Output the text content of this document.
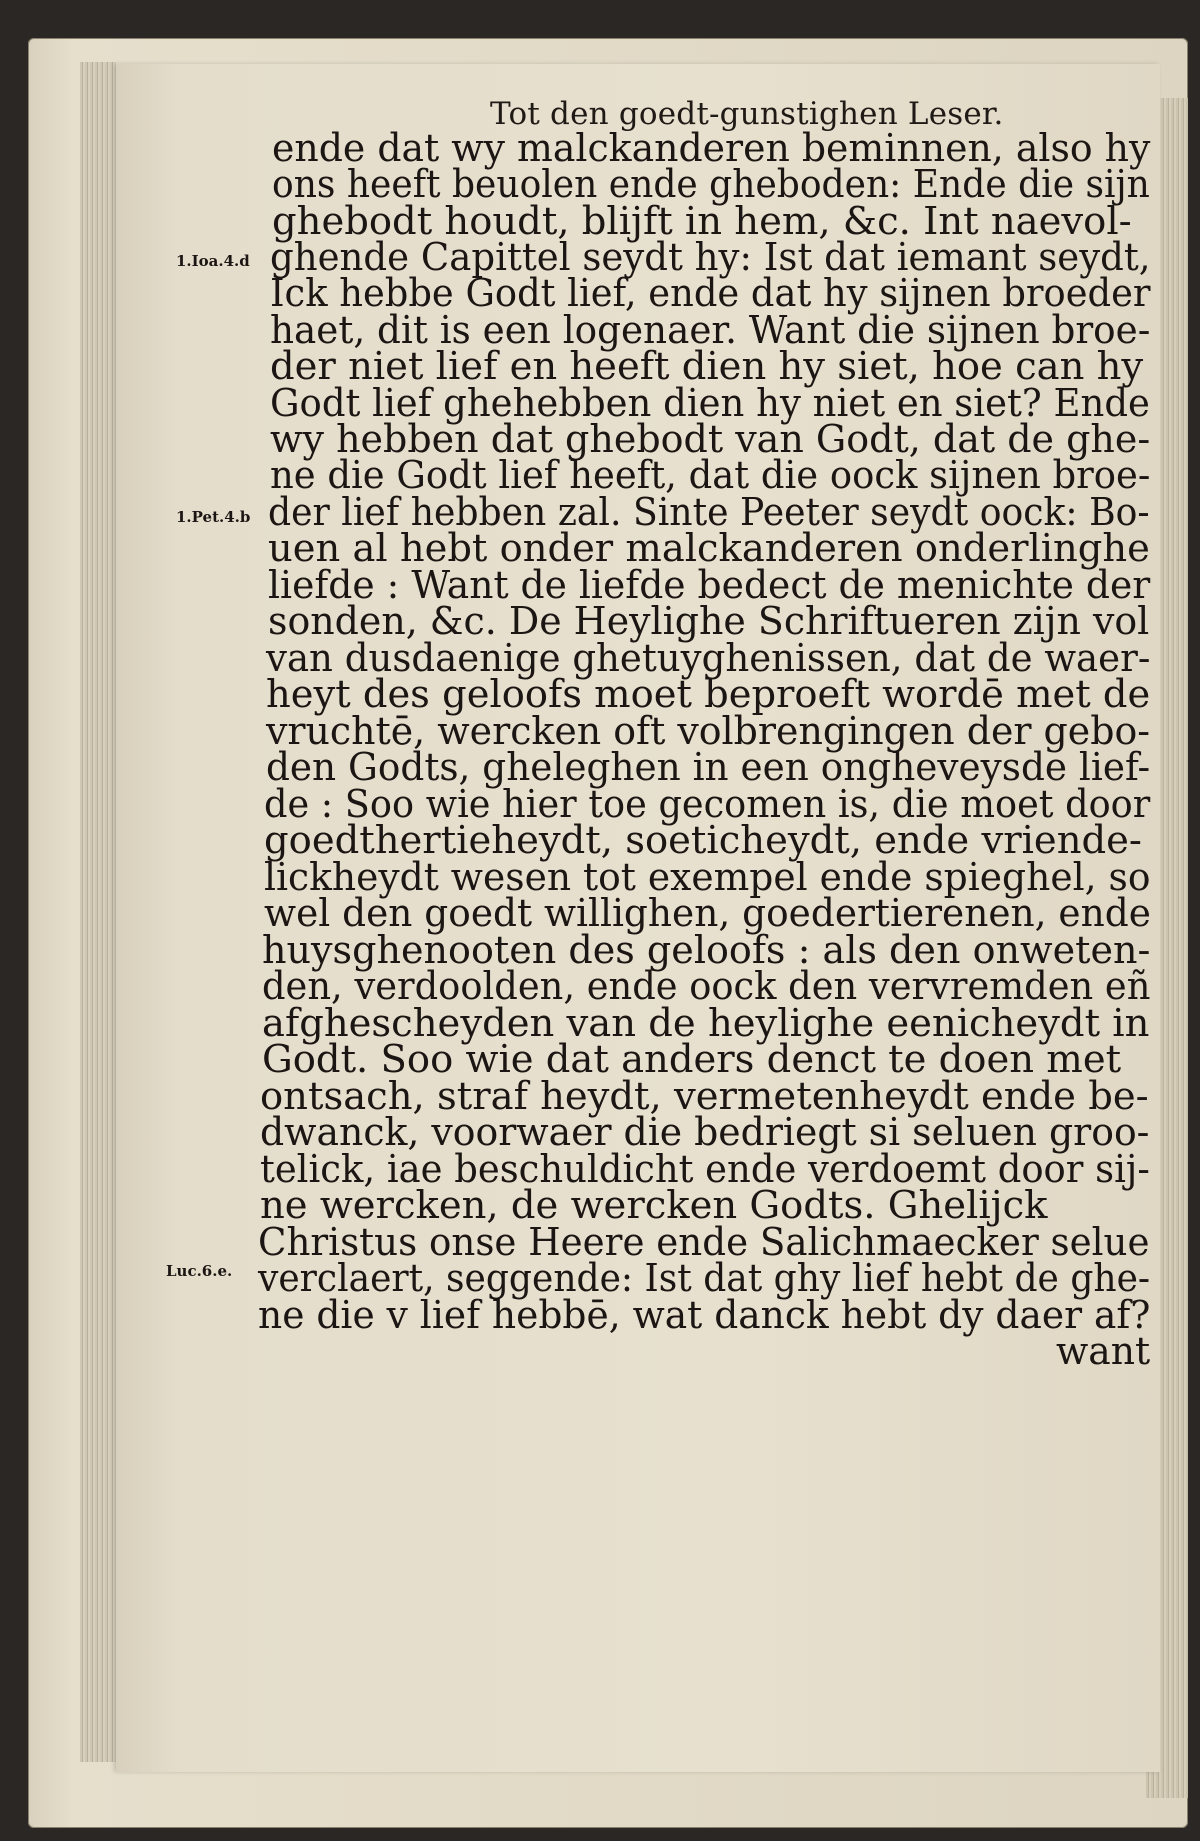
Tot den goedt-gunstighen Leser.
ende dat wy malckanderen beminnen, also hy
ons heeft beuolen ende gheboden: Ende die sijn
ghebodt houdt, blijft in hem, &c. Int naevol-
ghende Capittel seydt hy: Ist dat iemant seydt,
Ick hebbe Godt lief, ende dat hy sijnen broeder
haet, dit is een logenaer. Want die sijnen broe-
der niet lief en heeft dien hy siet, hoe can hy
Godt lief ghehebben dien hy niet en siet? Ende
wy hebben dat ghebodt van Godt, dat de ghe-
ne die Godt lief heeft, dat die oock sijnen broe-
der lief hebben zal. Sinte Peeter seydt oock: Bo-
uen al hebt onder malckanderen onderlinghe
liefde : Want de liefde bedect de menichte der
sonden, &c. De Heylighe Schriftueren zijn vol
van dusdaenige ghetuyghenissen, dat de waer-
heyt des geloofs moet beproeft wordē met de
vruchtē, wercken oft volbrengingen der gebo-
den Godts, gheleghen in een ongheveysde lief-
de : Soo wie hier toe gecomen is, die moet door
goedthertieheydt, soeticheydt, ende vriende-
lickheydt wesen tot exempel ende spieghel, so
wel den goedt willighen, goedertierenen, ende
huysghenooten des geloofs : als den onweten-
den, verdoolden, ende oock den vervremden eñ
afghescheyden van de heylighe eenicheydt in
Godt. Soo wie dat anders denct te doen met
ontsach, straf heydt, vermetenheydt ende be-
dwanck, voorwaer die bedriegt si seluen groo-
telick, iae beschuldicht ende verdoemt door sij-
ne wercken, de wercken Godts. Ghelijck
Christus onse Heere ende Salichmaecker selue
verclaert, seggende: Ist dat ghy lief hebt de ghe-
ne die v lief hebbē, wat danck hebt dy daer af?
want
1.Ioa.4.d
1.Pet.4.b
Luc.6.e.
